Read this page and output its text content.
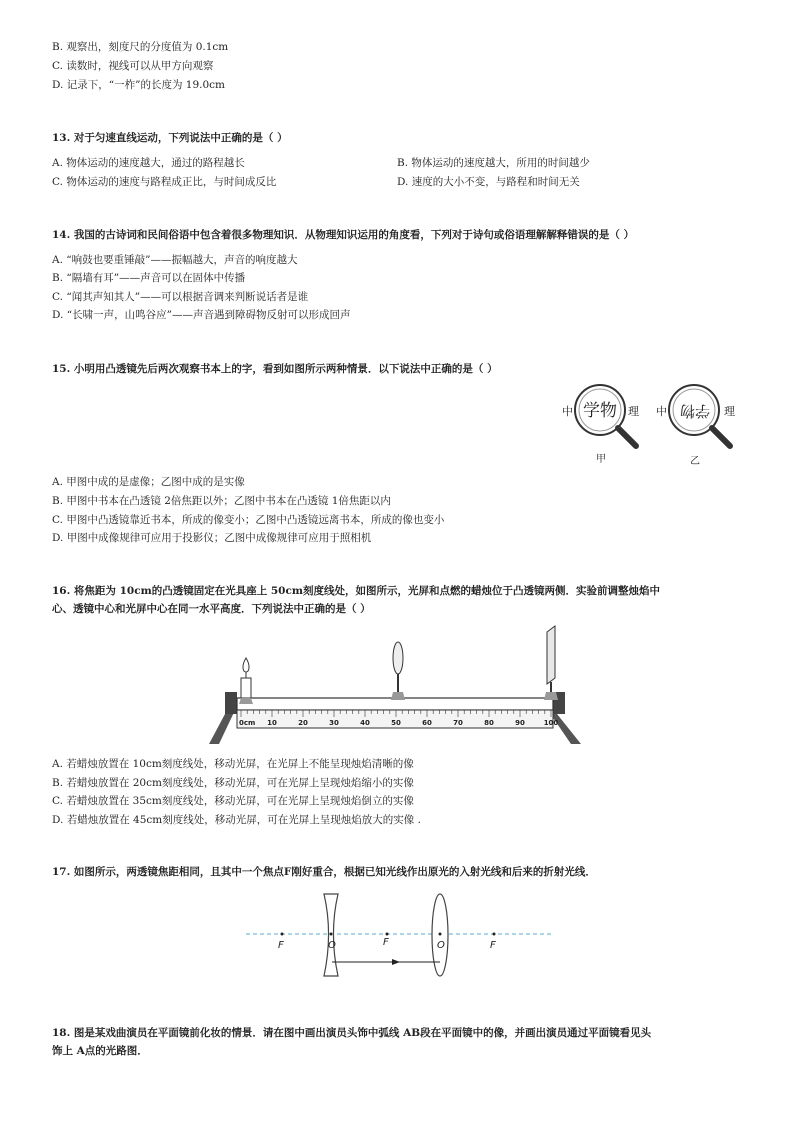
B. 观察出，刻度尺的分度值为 0.1cm
C. 读数时，视线可以从甲方向观察
D. 记录下，“一柞”的长度为 19.0cm
13. 对于匀速直线运动，下列说法中正确的是（ ）
A. 物体运动的速度越大，通过的路程越长	B. 物体运动的速度越大，所用的时间越少
C. 物体运动的速度与路程成正比，与时间成反比	D. 速度的大小不变，与路程和时间无关
14. 我国的古诗词和民间俗语中包含着很多物理知识．从物理知识运用的角度看，下列对于诗句或俗语理解解释错误的是（ ）
A. “响鼓也要重锤敲”——振幅越大，声音的响度越大
B. “隔墙有耳”——声音可以在固体中传播
C. “闻其声知其人”——可以根据音调来判断说话者是谁
D. “长啸一声，山鸣谷应”——声音遇到障碍物反射可以形成回声
15. 小明用凸透镜先后两次观察书本上的字，看到如图所示两种情景．以下说法中正确的是（ ）
中 学物 理
甲
中 学物 理
乙
A. 甲图中成的是虚像；乙图中成的是实像
B. 甲图中书本在凸透镜 2倍焦距以外；乙图中书本在凸透镜 1倍焦距以内
C. 甲图中凸透镜靠近书本，所成的像变小；乙图中凸透镜远离书本，所成的像也变小
D. 甲图中成像规律可应用于投影仪；乙图中成像规律可应用于照相机
16. 将焦距为 10cm的凸透镜固定在光具座上 50cm刻度线处，如图所示，光屏和点燃的蜡烛位于凸透镜两侧．实验前调整烛焰中
心、透镜中心和光屏中心在同一水平高度．下列说法中正确的是（ ）
0cm 10	20	30	40	50	60	70	80	90	100
A. 若蜡烛放置在 10cm刻度线处，移动光屏，在光屏上不能呈现烛焰清晰的像
B. 若蜡烛放置在 20cm刻度线处，移动光屏，可在光屏上呈现烛焰缩小的实像
C. 若蜡烛放置在 35cm刻度线处，移动光屏，可在光屏上呈现烛焰倒立的实像
D. 若蜡烛放置在 45cm刻度线处，移动光屏，可在光屏上呈现烛焰放大的实像 .
17. 如图所示，两透镜焦距相同，且其中一个焦点F刚好重合，根据已知光线作出原光的入射光线和后来的折射光线．
F	O	F	O	F
18. 图是某戏曲演员在平面镜前化妆的情景．请在图中画出演员头饰中弧线 AB段在平面镜中的像，并画出演员通过平面镜看见头
饰上 A点的光路图．
